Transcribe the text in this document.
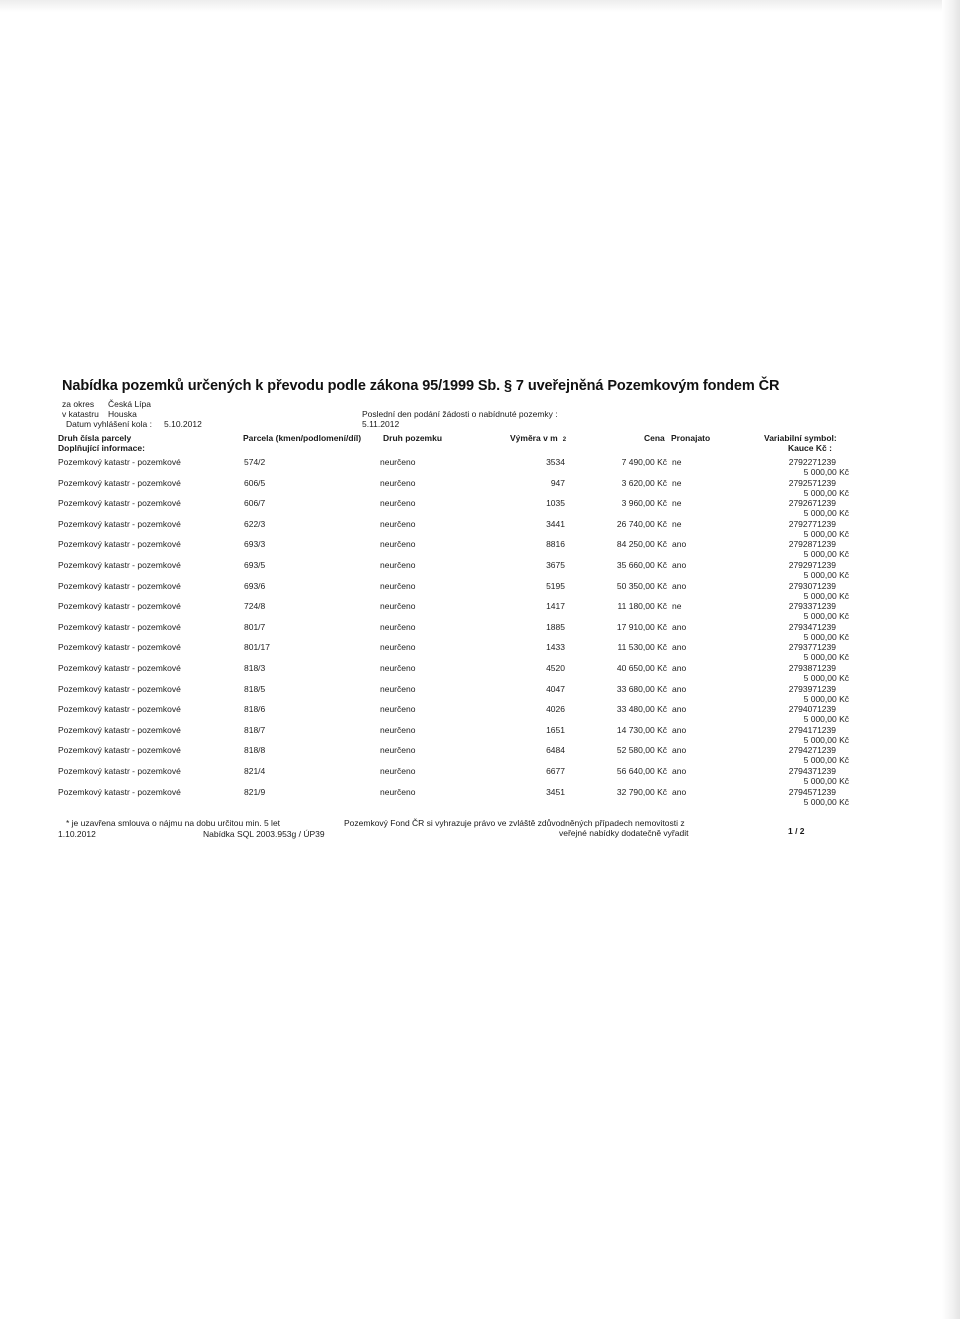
Nabídka pozemků určených k převodu podle zákona 95/1999 Sb. § 7 uveřejněná Pozemkovým fondem ČR
za okres Česká Lípa
v katastru Houska
Datum vyhlášení kola : 5.10.2012
Poslední den podání žádosti o nabídnuté pozemky :
5.11.2012
Druh čísla parcely
Doplňující informace:
Parcela (kmen/podlomení/díl)	Druh pozemku	Výměra v m 2	Cena Pronajato	Variabilní symbol:
Kauce Kč :
Pozemkový katastr - pozemkové	574/2	neurčeno	3534	7 490,00 Kč ne	2792271239
5 000,00 Kč
Pozemkový katastr - pozemkové	606/5	neurčeno	947	3 620,00 Kč ne	2792571239
5 000,00 Kč
Pozemkový katastr - pozemkové	606/7	neurčeno	1035	3 960,00 Kč ne	2792671239
5 000,00 Kč
Pozemkový katastr - pozemkové	622/3	neurčeno	3441	26 740,00 Kč ne	2792771239
5 000,00 Kč
Pozemkový katastr - pozemkové	693/3	neurčeno	8816	84 250,00 Kč ano	2792871239
5 000,00 Kč
Pozemkový katastr - pozemkové	693/5	neurčeno	3675	35 660,00 Kč ano	2792971239
5 000,00 Kč
Pozemkový katastr - pozemkové	693/6	neurčeno	5195	50 350,00 Kč ano	2793071239
5 000,00 Kč
Pozemkový katastr - pozemkové	724/8	neurčeno	1417	11 180,00 Kč ne	2793371239
5 000,00 Kč
Pozemkový katastr - pozemkové	801/7	neurčeno	1885	17 910,00 Kč ano	2793471239
5 000,00 Kč
Pozemkový katastr - pozemkové	801/17	neurčeno	1433	11 530,00 Kč ano	2793771239
5 000,00 Kč
Pozemkový katastr - pozemkové	818/3	neurčeno	4520	40 650,00 Kč ano	2793871239
5 000,00 Kč
Pozemkový katastr - pozemkové	818/5	neurčeno	4047	33 680,00 Kč ano	2793971239
5 000,00 Kč
Pozemkový katastr - pozemkové	818/6	neurčeno	4026	33 480,00 Kč ano	2794071239
5 000,00 Kč
Pozemkový katastr - pozemkové	818/7	neurčeno	1651	14 730,00 Kč ano	2794171239
5 000,00 Kč
Pozemkový katastr - pozemkové	818/8	neurčeno	6484	52 580,00 Kč ano	2794271239
5 000,00 Kč
Pozemkový katastr - pozemkové	821/4	neurčeno	6677	56 640,00 Kč ano	2794371239
5 000,00 Kč
Pozemkový katastr - pozemkové	821/9	neurčeno	3451	32 790,00 Kč ano	2794571239
5 000,00 Kč
* je uzavřena smlouva o nájmu na dobu určitou min. 5 let
1.10.2012	Nabídka SQL 2003.953g / ÚP39
Pozemkový Fond ČR si vyhrazuje právo ve zvláště zdůvodněných případech nemovitosti z
veřejné nabídky dodatečně vyřadit	1 / 2
